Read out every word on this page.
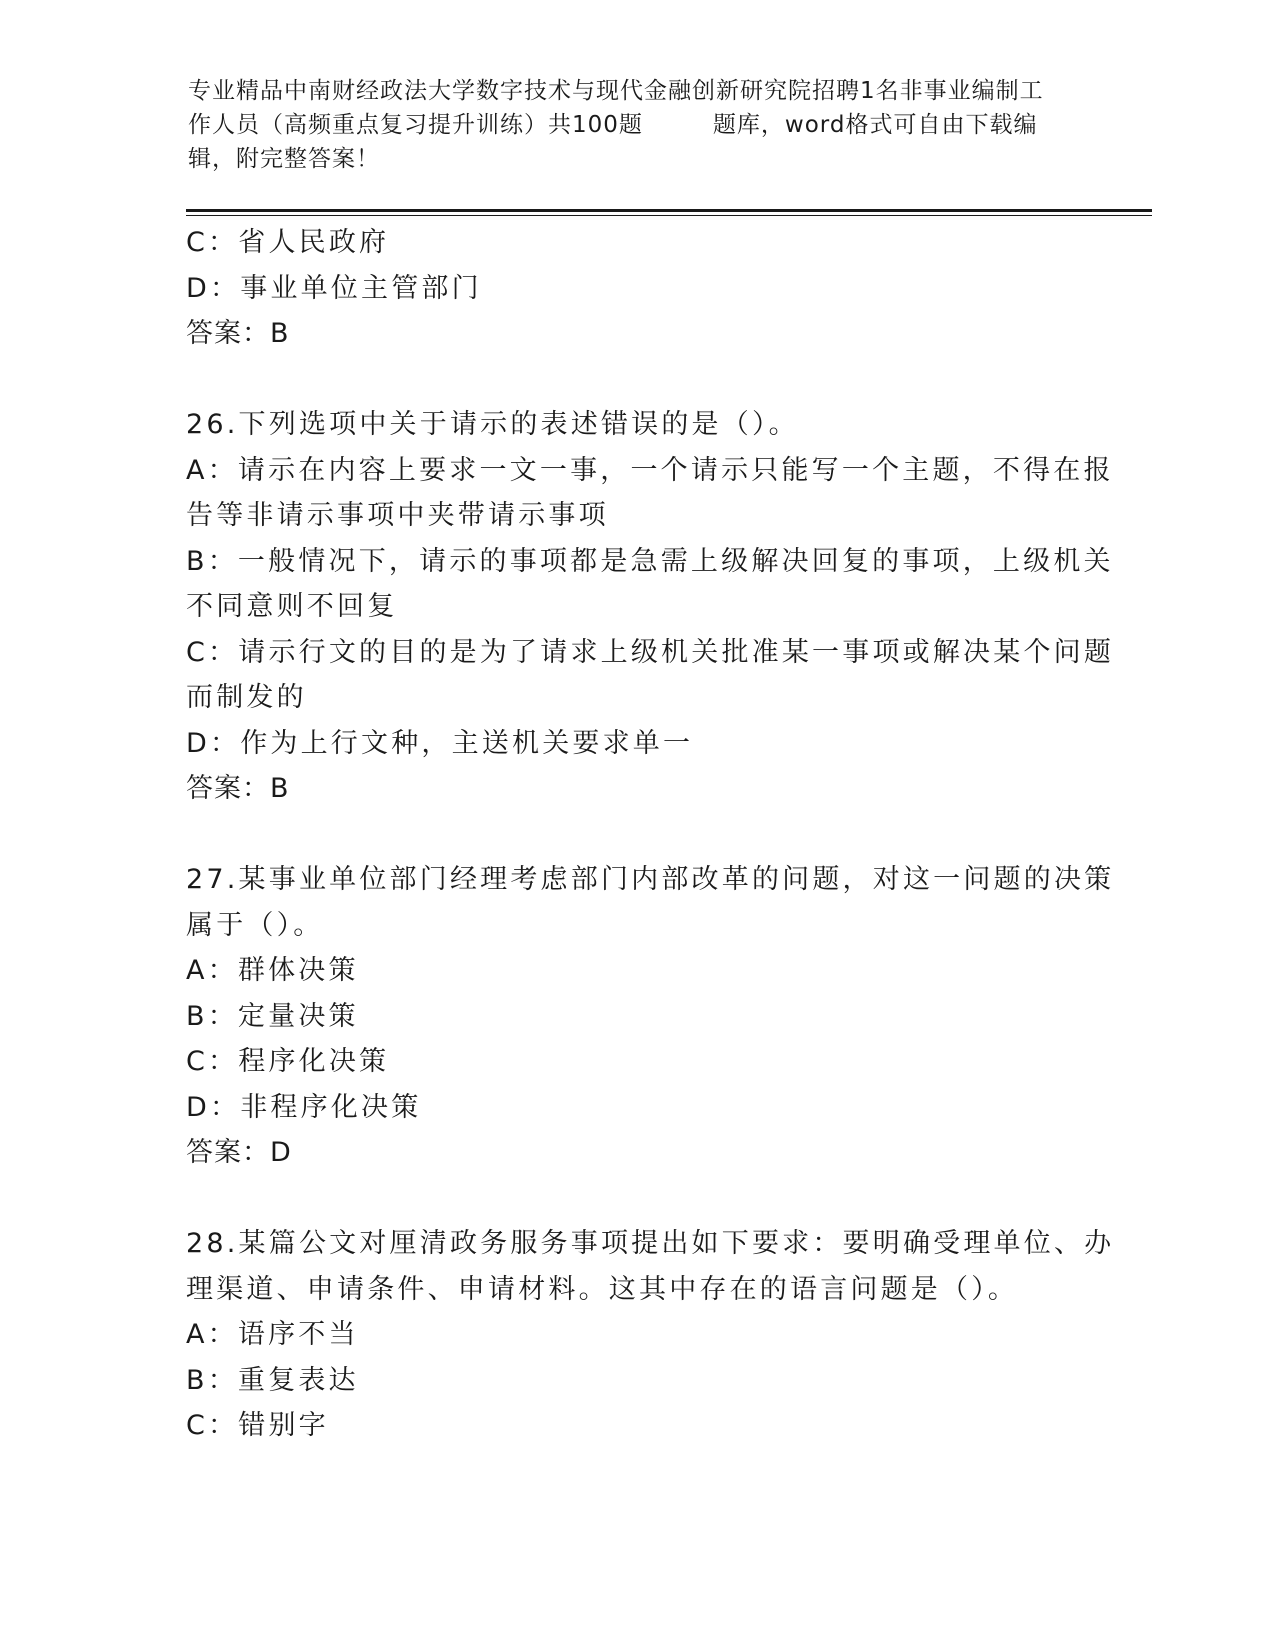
专业精品中南财经政法大学数字技术与现代金融创新研究院招聘1名非事业编制工
作人员（高频重点复习提升训练）共100题	题库，word格式可自由下载编
辑，附完整答案！
C：省人民政府
D：事业单位主管部门
答案：B
26.下列选项中关于请示的表述错误的是（）。
A：请示在内容上要求一文一事，一个请示只能写一个主题，不得在报
告等非请示事项中夹带请示事项
B：一般情况下，请示的事项都是急需上级解决回复的事项，上级机关
不同意则不回复
C：请示行文的目的是为了请求上级机关批准某一事项或解决某个问题
而制发的
D：作为上行文种，主送机关要求单一
答案：B
27.某事业单位部门经理考虑部门内部改革的问题，对这一问题的决策
属于（）。
A：群体决策
B：定量决策
C：程序化决策
D：非程序化决策
答案：D
28.某篇公文对厘清政务服务事项提出如下要求：要明确受理单位、办
理渠道、申请条件、申请材料。这其中存在的语言问题是（）。
A：语序不当
B：重复表达
C：错别字
